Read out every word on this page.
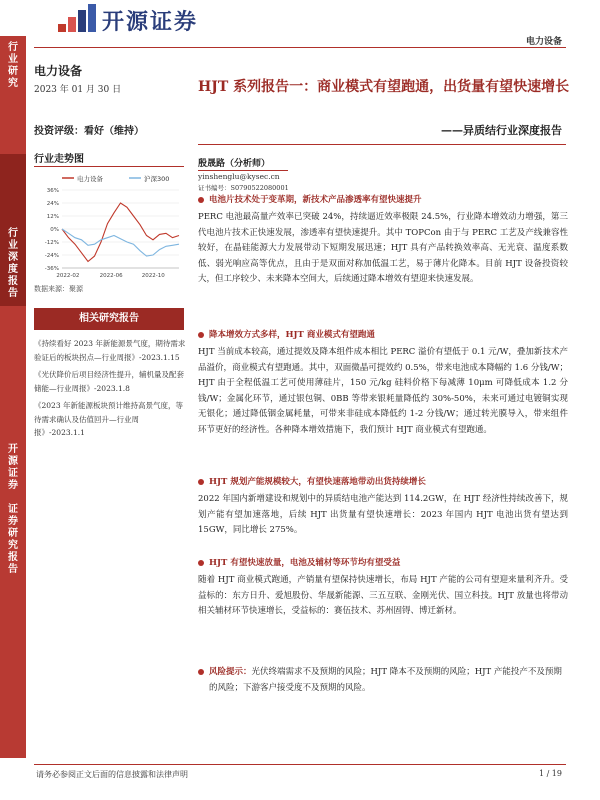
开源证券
电力设备
行
业
研
究
行
业
深
度
报
告
开
源
证
券

证
券
研
究
报
告
电力设备
2023 年 01 月 30 日
投资评级：看好（维持）
行业走势图
电力设备	沪深300
36%
24%
12%
0%
-12%
-24%
-36%
2022-02	2022-06	2022-10
数据来源：聚源
相关研究报告
《持续看好 2023 年新能源景气度，期待需求验证后的板块拐点—行业周报》-2023.1.15
《光伏降价后项目经济性提升，辅机量及配套储能—行业周报》-2023.1.8
《2023 年新能源板块预计维持高景气度，等待需求确认及估值回升—行业周报》-2023.1.1
HJT 系列报告一：商业模式有望跑通，出货量有望快速增长
——异质结行业深度报告
殷晟路（分析师）
yinshenglu@kysec.cn
证书编号：S0790522080001
电池片技术处于变革期，新技术产品渗透率有望快速提升
PERC 电池最高量产效率已突破 24%，持续逼近效率极限 24.5%，行业降本增效动力增强，第三代电池片技术正快速发展，渗透率有望快速提升。其中 TOPCon 由于与 PERC 工艺及产线兼容性较好，在晶硅能源大力发展带动下短期发展迅速；HJT 具有产品转换效率高、无光衰、温度系数低、弱光响应高等优点，且由于是双面对称加低温工艺，易于薄片化降本。目前 HJT 设备投资较大，但工序较少、未来降本空间大，后续通过降本增效有望迎来快速发展。
降本增效方式多样，HJT 商业模式有望跑通
HJT 当前成本较高，通过提效及降本组件成本相比 PERC 溢价有望低于 0.1 元/W，叠加新技术产品溢价，商业模式有望跑通。其中，双面微晶可提效约 0.5%，带来电池成本降幅约 1.6 分钱/W；HJT 由于全程低温工艺可使用薄硅片，150 元/kg 硅料价格下每减薄 10μm 可降低成本 1.2 分钱/W；金属化环节，通过银包铜、0BB 等带来银耗量降低约 30%-50%，未来可通过电镀铜实现无银化；通过降低铟金属耗量，可带来非硅成本降低约 1-2 分钱/W；通过转光膜导入，带来组件环节更好的经济性。各种降本增效措施下，我们预计 HJT 商业模式有望跑通。
HJT 规划产能规模较大，有望快速落地带动出货持续增长
2022 年国内新增建设和规划中的异质结电池产能达到 114.2GW，在 HJT 经济性持续改善下，规划产能有望加速落地，后续 HJT 出货量有望快速增长：2023 年国内 HJT 电池出货有望达到 15GW，同比增长 275%。
HJT 有望快速放量，电池及辅材等环节均有望受益
随着 HJT 商业模式跑通，产销量有望保持快速增长，布局 HJT 产能的公司有望迎来量利齐升。受益标的：东方日升、爱旭股份、华晟新能源、三五互联、金刚光伏、国立科技。HJT 放量也将带动相关辅材环节快速增长，受益标的：赛伍技术、苏州固锝、博迁新材。
风险提示：光伏终端需求不及预期的风险；HJT 降本不及预期的风险；HJT 产能投产不及预期的风险；下游客户接受度不及预期的风险。
请务必参阅正文后面的信息披露和法律声明	1 / 19
